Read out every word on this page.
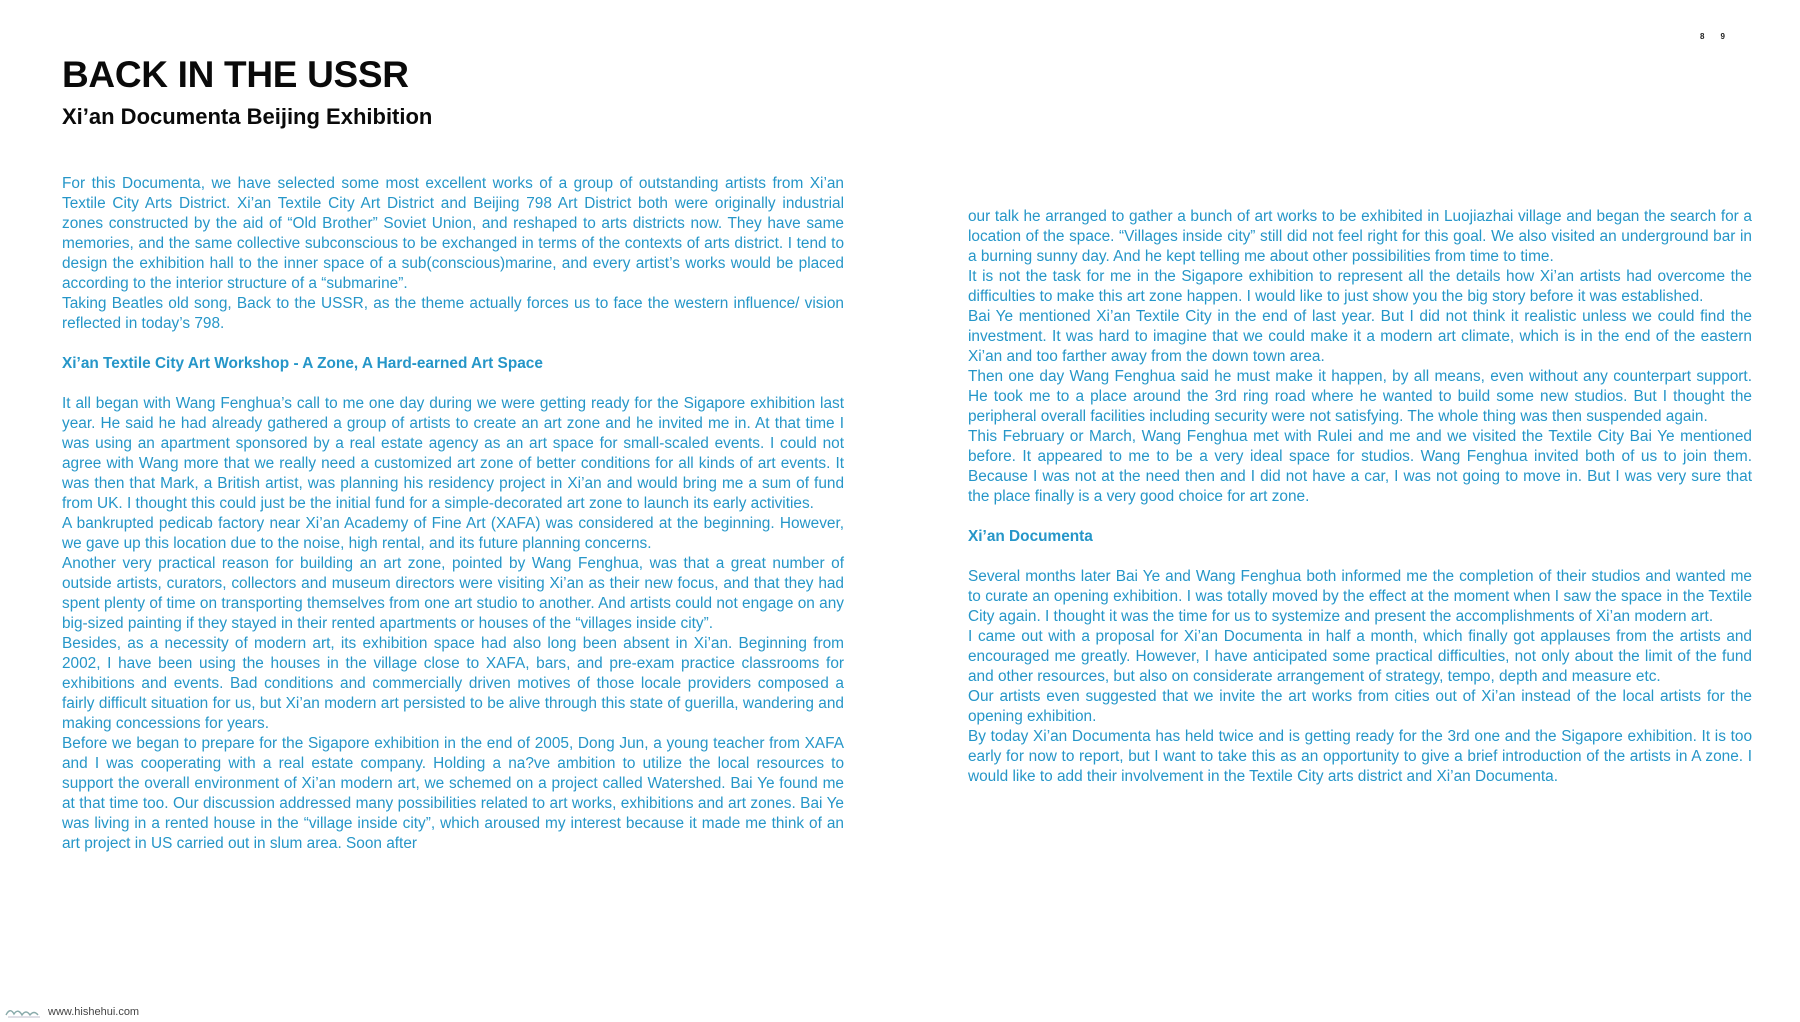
8 9
BACK IN THE USSR
Xi’an Documenta Beijing Exhibition

For this Documenta, we have selected some most excellent works of a group of outstanding artists from Xi’an Textile City Arts District. Xi’an Textile City Art District and Beijing 798 Art District both were originally industrial zones constructed by the aid of “Old Brother” Soviet Union, and reshaped to arts districts now. They have same memories, and the same collective subconscious to be exchanged in terms of the contexts of arts district. I tend to design the exhibition hall to the inner space of a sub(conscious)marine, and every artist’s works would be placed according to the interior structure of a “submarine”.

Taking Beatles old song, Back to the USSR, as the theme actually forces us to face the western influence/ vision reflected in today’s 798.

Xi’an Textile City Art Workshop - A Zone, A Hard-earned Art Space

It all began with Wang Fenghua’s call to me one day during we were getting ready for the Sigapore exhibition last year. He said he had already gathered a group of artists to create an art zone and he invited me in. At that time I was using an apartment sponsored by a real estate agency as an art space for small-scaled events. I could not agree with Wang more that we really need a customized art zone of better conditions for all kinds of art events. It was then that Mark, a British artist, was planning his residency project in Xi’an and would bring me a sum of fund from UK. I thought this could just be the initial fund for a simple-decorated art zone to launch its early activities.

A bankrupted pedicab factory near Xi’an Academy of Fine Art (XAFA) was considered at the beginning. However, we gave up this location due to the noise, high rental, and its future planning concerns.

Another very practical reason for building an art zone, pointed by Wang Fenghua, was that a great number of outside artists, curators, collectors and museum directors were visiting Xi’an as their new focus, and that they had spent plenty of time on transporting themselves from one art studio to another. And artists could not engage on any big-sized painting if they stayed in their rented apartments or houses of the “villages inside city”.

Besides, as a necessity of modern art, its exhibition space had also long been absent in Xi’an. Beginning from 2002, I have been using the houses in the village close to XAFA, bars, and pre-exam practice classrooms for exhibitions and events. Bad conditions and commercially driven motives of those locale providers composed a fairly difficult situation for us, but Xi’an modern art persisted to be alive through this state of guerilla, wandering and making concessions for years.

Before we began to prepare for the Sigapore exhibition in the end of 2005, Dong Jun, a young teacher from XAFA and I was cooperating with a real estate company. Holding a na?ve ambition to utilize the local resources to support the overall environment of Xi’an modern art, we schemed on a project called Watershed. Bai Ye found me at that time too. Our discussion addressed many possibilities related to art works, exhibitions and art zones. Bai Ye was living in a rented house in the “village inside city”, which aroused my interest because it made me think of an art project in US carried out in slum area. Soon after

our talk he arranged to gather a bunch of art works to be exhibited in Luojiazhai village and began the search for a location of the space. “Villages inside city” still did not feel right for this goal. We also visited an underground bar in a burning sunny day. And he kept telling me about other possibilities from time to time.

It is not the task for me in the Sigapore exhibition to represent all the details how Xi’an artists had overcome the difficulties to make this art zone happen. I would like to just show you the big story before it was established.

Bai Ye mentioned Xi’an Textile City in the end of last year. But I did not think it realistic unless we could find the investment. It was hard to imagine that we could make it a modern art climate, which is in the end of the eastern Xi’an and too farther away from the down town area.

Then one day Wang Fenghua said he must make it happen, by all means, even without any counterpart support. He took me to a place around the 3rd ring road where he wanted to build some new studios. But I thought the peripheral overall facilities including security were not satisfying. The whole thing was then suspended again.

This February or March, Wang Fenghua met with Rulei and me and we visited the Textile City Bai Ye mentioned before. It appeared to me to be a very ideal space for studios. Wang Fenghua invited both of us to join them. Because I was not at the need then and I did not have a car, I was not going to move in. But I was very sure that the place finally is a very good choice for art zone.

Xi’an Documenta

Several months later Bai Ye and Wang Fenghua both informed me the completion of their studios and wanted me to curate an opening exhibition. I was totally moved by the effect at the moment when I saw the space in the Textile City again. I thought it was the time for us to systemize and present the accomplishments of Xi’an modern art.

I came out with a proposal for Xi’an Documenta in half a month, which finally got applauses from the artists and encouraged me greatly. However, I have anticipated some practical difficulties, not only about the limit of the fund and other resources, but also on considerate arrangement of strategy, tempo, depth and measure etc.

Our artists even suggested that we invite the art works from cities out of Xi’an instead of the local artists for the opening exhibition.

By today Xi’an Documenta has held twice and is getting ready for the 3rd one and the Sigapore exhibition. It is too early for now to report, but I want to take this as an opportunity to give a brief introduction of the artists in A zone. I would like to add their involvement in the Textile City arts district and Xi’an Documenta.

www.hishehui.com
